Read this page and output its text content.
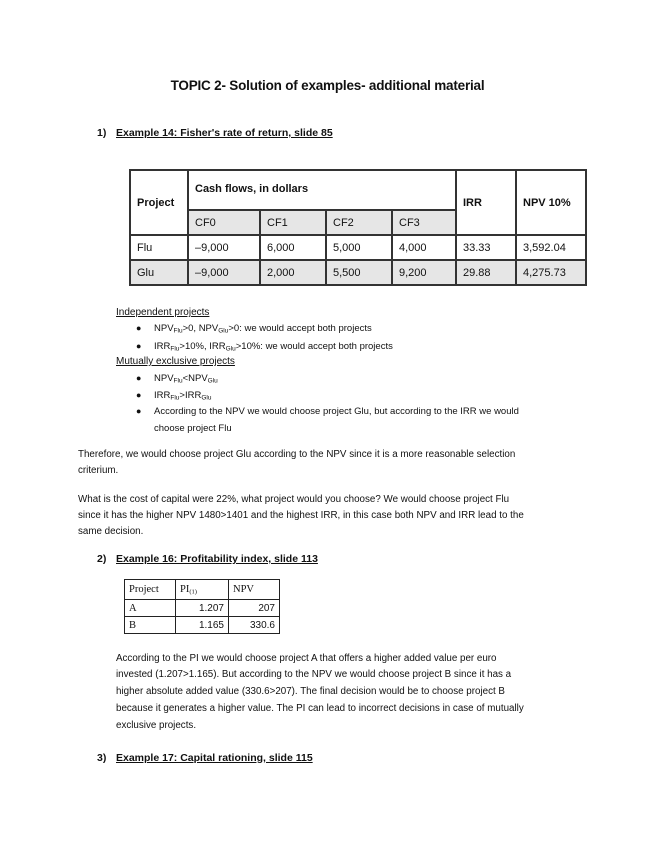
TOPIC 2- Solution of examples- additional material
1) Example 14: Fisher's rate of return, slide 85
Project	Cash flows, in dollars				IRR	NPV 10%
	CF0	CF1	CF2	CF3		
Flu	–9,000	6,000	5,000	4,000	33.33	3,592.04
Glu	–9,000	2,000	5,500	9,200	29.88	4,275.73
Independent projects
● $NPV_{Flu}>0$, $NPV_{Glu}>0$: we would accept both projects
● $IRR_{Flu}>10\%$, $IRR_{Glu}>10\%$: we would accept both projects
Mutually exclusive projects
● $NPV_{Flu}<NPV_{Glu}$
● $IRR_{Flu}>IRR_{Glu}$
● According to the NPV we would choose project Glu, but according to the IRR we would
choose project Flu
Therefore, we would choose project Glu according to the NPV since it is a more reasonable selection
criterium.
What is the cost of capital were 22%, what project would you choose? We would choose project Flu
since it has the higher NPV 1480>1401 and the highest IRR, in this case both NPV and IRR lead to the
same decision.
2) Example 16: Profitability index, slide 113
Project	$PI_{(1)}$	NPV
A	1.207	207
B	1.165	330.6
According to the PI we would choose project A that offers a higher added value per euro
invested (1.207>1.165). But according to the NPV we would choose project B since it has a
higher absolute added value (330.6>207). The final decision would be to choose project B
because it generates a higher value. The PI can lead to incorrect decisions in case of mutually
exclusive projects.
3) Example 17: Capital rationing, slide 115
